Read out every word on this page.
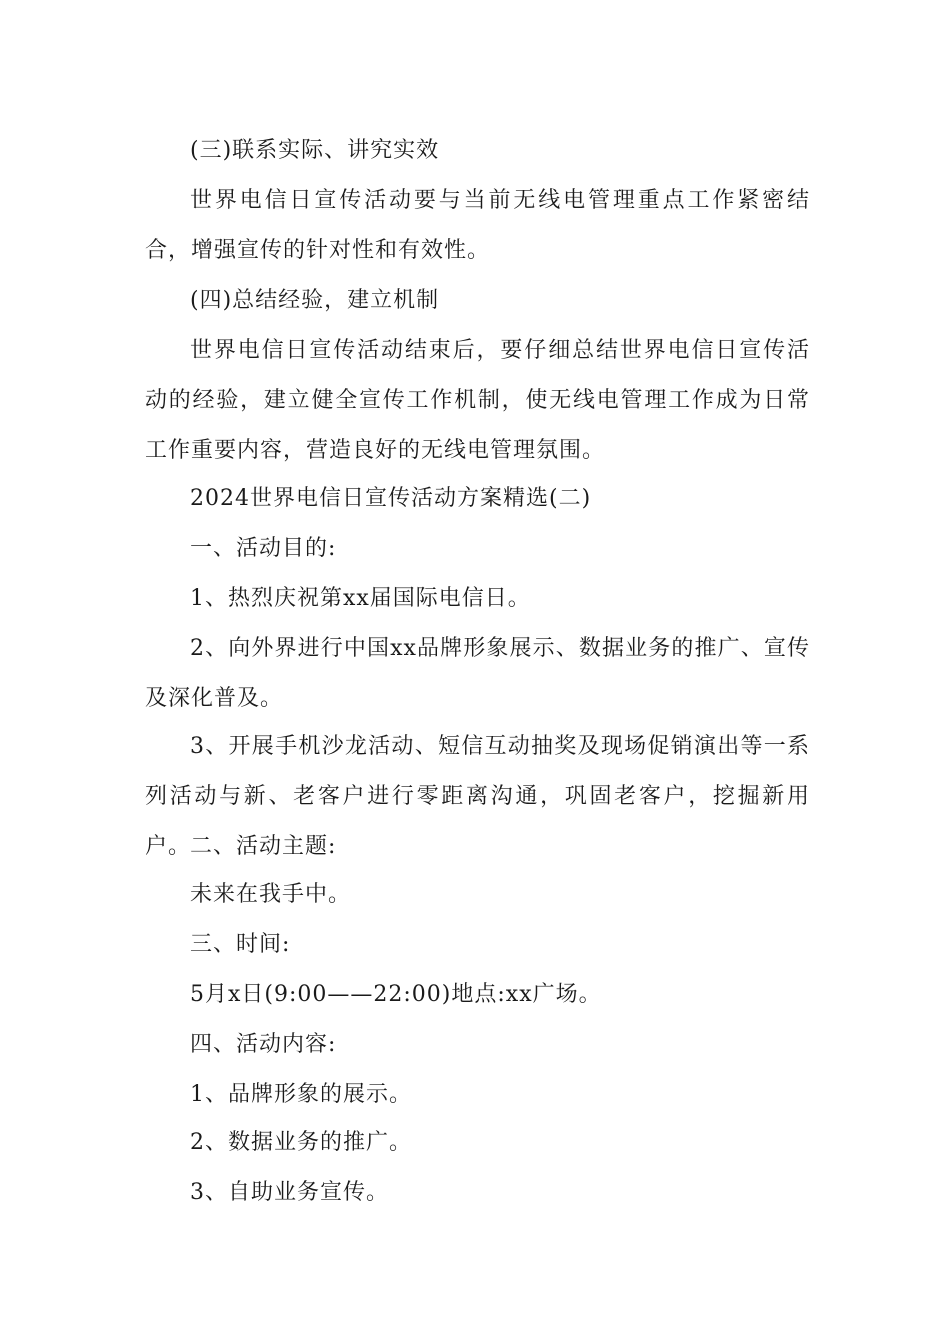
(三)联系实际、讲究实效

世界电信日宣传活动要与当前无线电管理重点工作紧密结合，增强宣传的针对性和有效性。

(四)总结经验，建立机制

世界电信日宣传活动结束后，要仔细总结世界电信日宣传活动的经验，建立健全宣传工作机制，使无线电管理工作成为日常工作重要内容，营造良好的无线电管理氛围。

2024世界电信日宣传活动方案精选(二)

一、活动目的:

1、热烈庆祝第xx届国际电信日。

2、向外界进行中国xx品牌形象展示、数据业务的推广、宣传及深化普及。

3、开展手机沙龙活动、短信互动抽奖及现场促销演出等一系列活动与新、老客户进行零距离沟通，巩固老客户，挖掘新用户。

二、活动主题:

未来在我手中。

三、时间:

5月x日(9:00——22:00)地点:xx广场。

四、活动内容:

1、品牌形象的展示。

2、数据业务的推广。

3、自助业务宣传。
